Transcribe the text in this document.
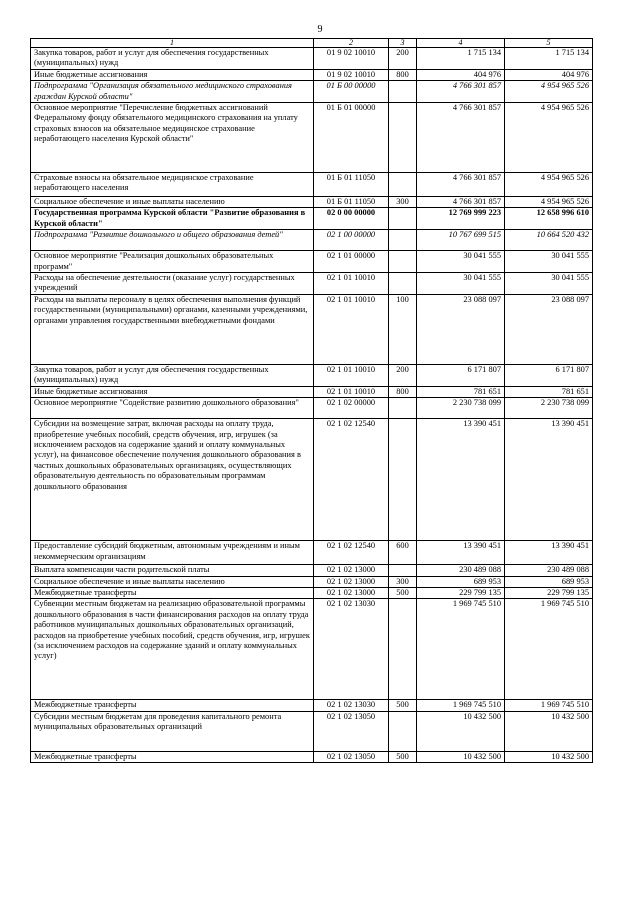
9
1	2	3	4	5
Закупка товаров, работ и услуг для обеспечения государственных (муниципальных) нужд	01 9 02 10010	200	1 715 134	1 715 134
Иные бюджетные ассигнования	01 9 02 10010	800	404 976	404 976
Подпрограмма "Организация обязательного медицинского страхования граждан Курской области"	01 Б 00 00000		4 766 301 857	4 954 965 526
Основное мероприятие "Перечисление бюджетных ассигнований Федеральному фонду обязательного медицинского страхования на уплату страховых взносов на обязательное медицинское страхование неработающего населения Курской области"	01 Б 01 00000		4 766 301 857	4 954 965 526
Страховые взносы на обязательное медицинское страхование неработающего населения	01 Б 01 11050		4 766 301 857	4 954 965 526
Социальное обеспечение и иные выплаты населению	01 Б 01 11050	300	4 766 301 857	4 954 965 526
Государственная программа Курской области "Развитие образования в Курской области"	02 0 00 00000		12 769 999 223	12 658 996 610
Подпрограмма "Развитие дошкольного и общего образования детей"	02 1 00 00000		10 767 699 515	10 664 520 432
Основное мероприятие "Реализация дошкольных образовательных программ"	02 1 01 00000		30 041 555	30 041 555
Расходы на обеспечение деятельности (оказание услуг) государственных учреждений	02 1 01 10010		30 041 555	30 041 555
Расходы на выплаты персоналу в целях обеспечения выполнения функций государственными (муниципальными) органами, казенными учреждениями, органами управления государственными внебюджетными фондами	02 1 01 10010	100	23 088 097	23 088 097
Закупка товаров, работ и услуг для обеспечения государственных (муниципальных) нужд	02 1 01 10010	200	6 171 807	6 171 807
Иные бюджетные ассигнования	02 1 01 10010	800	781 651	781 651
Основное мероприятие "Содействие развитию дошкольного образования"	02 1 02 00000		2 230 738 099	2 230 738 099
Субсидии на возмещение затрат, включая расходы на оплату труда, приобретение учебных пособий, средств обучения, игр, игрушек (за исключением расходов на содержание зданий и оплату коммунальных услуг), на финансовое обеспечение получения дошкольного образования в частных дошкольных образовательных организациях, осуществляющих образовательную деятельность по образовательным программам дошкольного образования	02 1 02 12540		13 390 451	13 390 451
Предоставление субсидий бюджетным, автономным учреждениям и иным некоммерческим организациям	02 1 02 12540	600	13 390 451	13 390 451
Выплата компенсации части родительской платы	02 1 02 13000		230 489 088	230 489 088
Социальное обеспечение и иные выплаты населению	02 1 02 13000	300	689 953	689 953
Межбюджетные трансферты	02 1 02 13000	500	229 799 135	229 799 135
Субвенции местным бюджетам на реализацию образовательной программы дошкольного образования в части финансирования расходов на оплату труда работников муниципальных дошкольных образовательных организаций, расходов на приобретение учебных пособий, средств обучения, игр, игрушек (за исключением расходов на содержание зданий и оплату коммунальных услуг)	02 1 02 13030		1 969 745 510	1 969 745 510
Межбюджетные трансферты	02 1 02 13030	500	1 969 745 510	1 969 745 510
Субсидии местным бюджетам для проведения капитального ремонта муниципальных образовательных организаций	02 1 02 13050		10 432 500	10 432 500
Межбюджетные трансферты	02 1 02 13050	500	10 432 500	10 432 500
